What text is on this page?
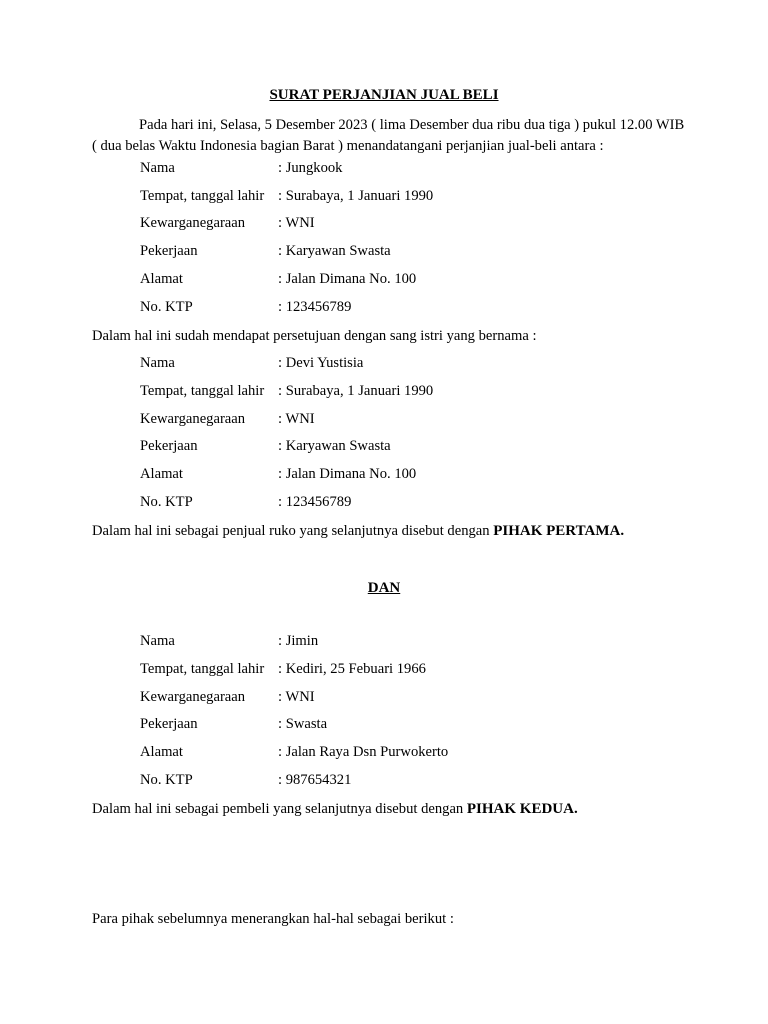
SURAT PERJANJIAN JUAL BELI
Pada hari ini, Selasa, 5 Desember 2023 ( lima Desember dua ribu dua tiga ) pukul 12.00 WIB ( dua belas Waktu Indonesia bagian Barat ) menandatangani perjanjian jual-beli antara :
Nama	: Jungkook
Tempat, tanggal lahir : Surabaya, 1 Januari 1990
Kewarganegaraan : WNI
Pekerjaan	: Karyawan Swasta
Alamat	: Jalan Dimana No. 100
No. KTP	: 123456789
Dalam hal ini sudah mendapat persetujuan dengan sang istri yang bernama :
Nama	: Devi Yustisia
Tempat, tanggal lahir : Surabaya, 1 Januari 1990
Kewarganegaraan : WNI
Pekerjaan	: Karyawan Swasta
Alamat	: Jalan Dimana No. 100
No. KTP	: 123456789
Dalam hal ini sebagai penjual ruko yang selanjutnya disebut dengan PIHAK PERTAMA.
DAN
Nama	: Jimin
Tempat, tanggal lahir : Kediri, 25 Febuari 1966
Kewarganegaraan : WNI
Pekerjaan	: Swasta
Alamat	: Jalan Raya Dsn Purwokerto
No. KTP	: 987654321
Dalam hal ini sebagai pembeli yang selanjutnya disebut dengan PIHAK KEDUA.
Para pihak sebelumnya menerangkan hal-hal sebagai berikut :
